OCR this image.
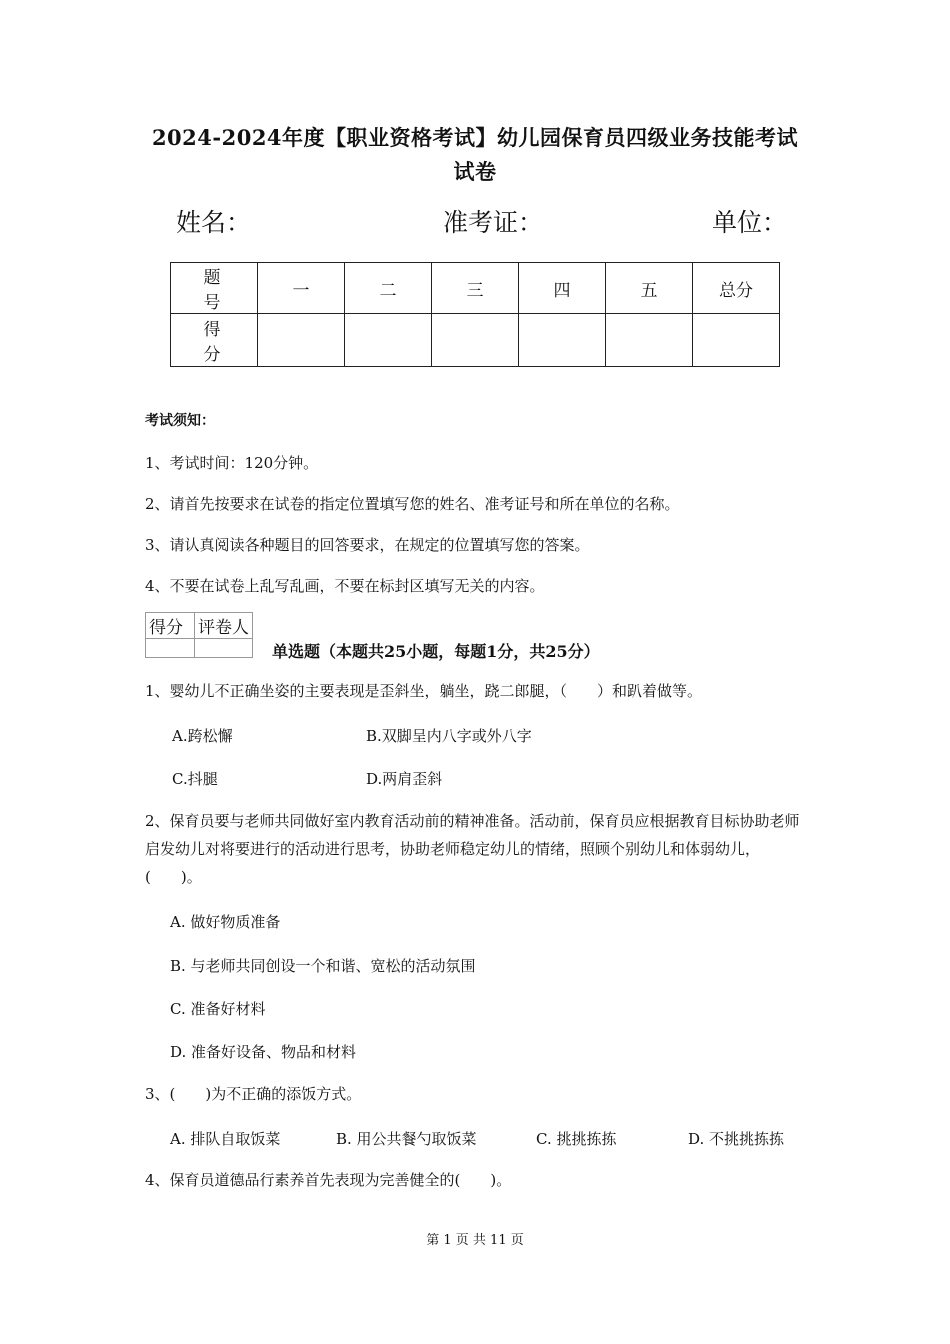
2024-2024年度【职业资格考试】幼儿园保育员四级业务技能考试
试卷
姓名：	准考证：	单位：
题 号	一	二	三	四	五	总分
得 分						
考试须知：
1、考试时间：120分钟。
2、请首先按要求在试卷的指定位置填写您的姓名、准考证号和所在单位的名称。
3、请认真阅读各种题目的回答要求，在规定的位置填写您的答案。
4、不要在试卷上乱写乱画，不要在标封区填写无关的内容。
得分	评卷人

单选题（本题共25小题，每题1分，共25分）
1、婴幼儿不正确坐姿的主要表现是歪斜坐，躺坐，跷二郎腿，（　　）和趴着做等。
A.跨松懈	B.双脚呈内八字或外八字
C.抖腿	D.两肩歪斜
2、保育员要与老师共同做好室内教育活动前的精神准备。活动前，保育员应根据教育目标协助老师启发幼儿对将要进行的活动进行思考，协助老师稳定幼儿的情绪，照顾个别幼儿和体弱幼儿，(　　)。
A. 做好物质准备
B. 与老师共同创设一个和谐、宽松的活动氛围
C. 准备好材料
D. 准备好设备、物品和材料
3、(　　)为不正确的添饭方式。
A. 排队自取饭菜	B. 用公共餐勺取饭菜	C. 挑挑拣拣	D. 不挑挑拣拣
4、保育员道德品行素养首先表现为完善健全的(　　)。
第 1 页 共 11 页
